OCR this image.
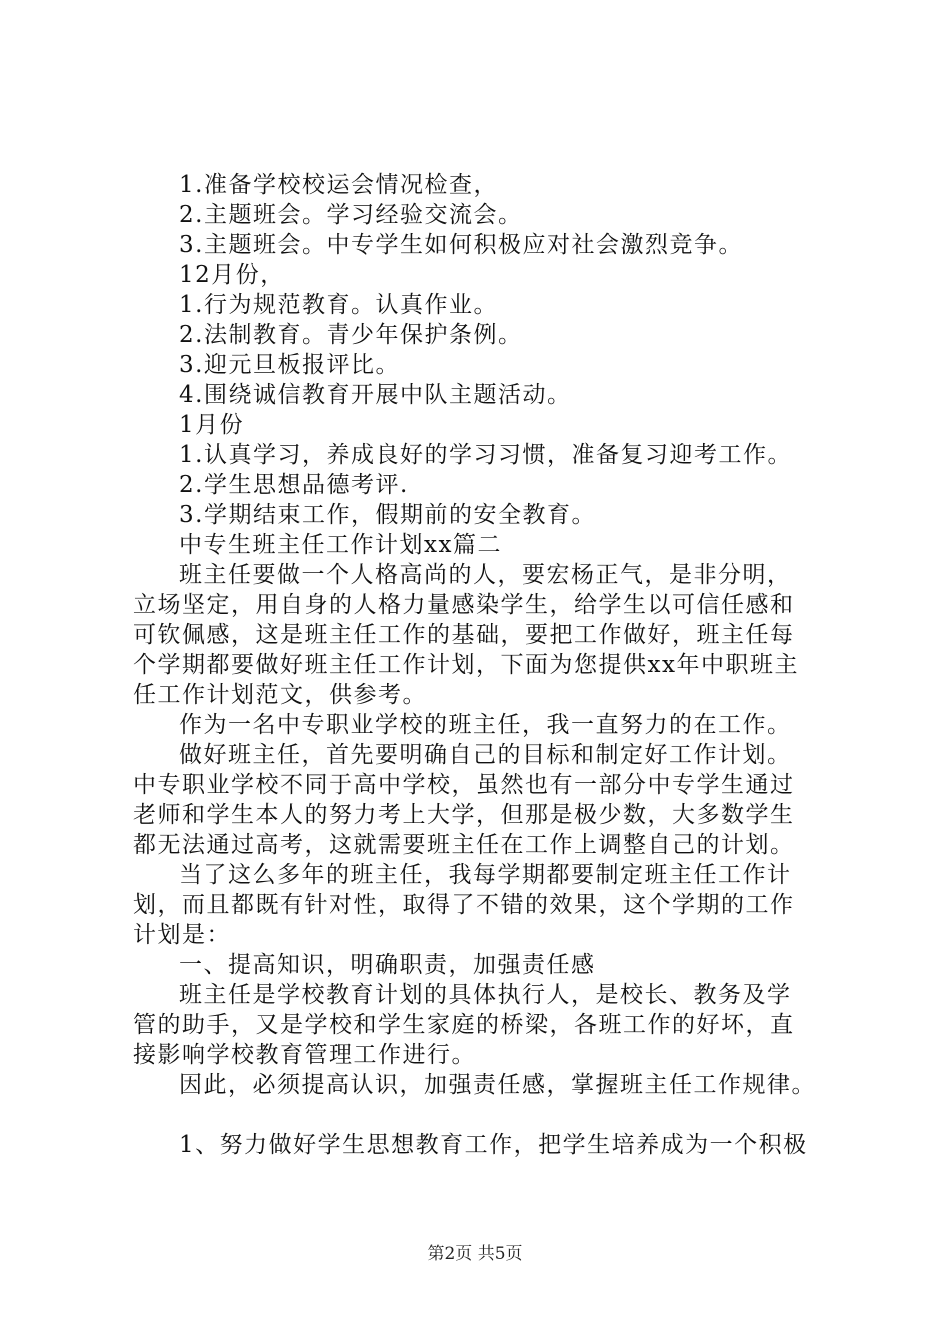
1.准备学校校运会情况检查，
2.主题班会。学习经验交流会。
3.主题班会。中专学生如何积极应对社会激烈竞争。
12月份，
1.行为规范教育。认真作业。
2.法制教育。青少年保护条例。
3.迎元旦板报评比。
4.围绕诚信教育开展中队主题活动。
1月份
1.认真学习，养成良好的学习习惯，准备复习迎考工作。
2.学生思想品德考评.
3.学期结束工作，假期前的安全教育。
中专生班主任工作计划xx篇二
班主任要做一个人格高尚的人，要宏杨正气，是非分明，
立场坚定，用自身的人格力量感染学生，给学生以可信任感和
可钦佩感，这是班主任工作的基础，要把工作做好，班主任每
个学期都要做好班主任工作计划，下面为您提供xx年中职班主
任工作计划范文，供参考。
作为一名中专职业学校的班主任，我一直努力的在工作。
做好班主任，首先要明确自己的目标和制定好工作计划。
中专职业学校不同于高中学校，虽然也有一部分中专学生通过
老师和学生本人的努力考上大学，但那是极少数，大多数学生
都无法通过高考，这就需要班主任在工作上调整自己的计划。
当了这么多年的班主任，我每学期都要制定班主任工作计
划，而且都既有针对性，取得了不错的效果，这个学期的工作
计划是：
一、提高知识，明确职责，加强责任感
班主任是学校教育计划的具体执行人，是校长、教务及学
管的助手，又是学校和学生家庭的桥梁，各班工作的好坏，直
接影响学校教育管理工作进行。
因此，必须提高认识，加强责任感，掌握班主任工作规律。
1、努力做好学生思想教育工作，把学生培养成为一个积极
第2页 共5页
